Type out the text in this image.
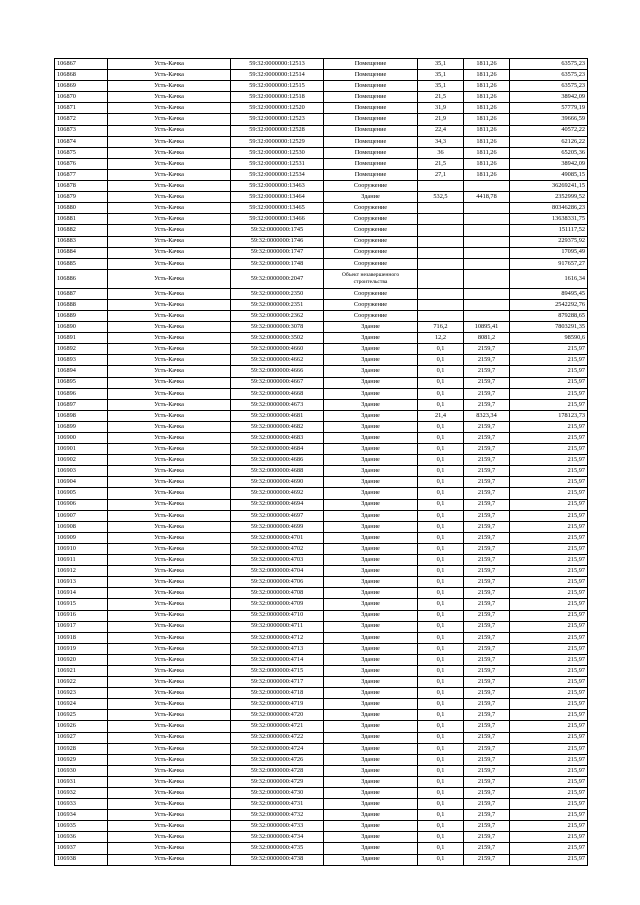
106867	Усть-Качка	59:32:0000000:12513	Помещение	35,1	1811,26	63575,23
106868	Усть-Качка	59:32:0000000:12514	Помещение	35,1	1811,26	63575,23
106869	Усть-Качка	59:32:0000000:12515	Помещение	35,1	1811,26	63575,23
106870	Усть-Качка	59:32:0000000:12518	Помещение	21,5	1811,26	38942,09
106871	Усть-Качка	59:32:0000000:12520	Помещение	31,9	1811,26	57779,19
106872	Усть-Качка	59:32:0000000:12523	Помещение	21,9	1811,26	39666,59
106873	Усть-Качка	59:32:0000000:12528	Помещение	22,4	1811,26	40572,22
106874	Усть-Качка	59:32:0000000:12529	Помещение	34,3	1811,26	62126,22
106875	Усть-Качка	59:32:0000000:12530	Помещение	36	1811,26	65205,36
106876	Усть-Качка	59:32:0000000:12531	Помещение	21,5	1811,26	38942,09
106877	Усть-Качка	59:32:0000000:12534	Помещение	27,1	1811,26	49085,15
106878	Усть-Качка	59:32:0000000:13463	Сооружение			36269241,15
106879	Усть-Качка	59:32:0000000:13464	Здание	532,5	4418,78	2352999,52
106880	Усть-Качка	59:32:0000000:13465	Сооружение			80346286,23
106881	Усть-Качка	59:32:0000000:13466	Сооружение			13638331,75
106882	Усть-Качка	59:32:0000000:1745	Сооружение			151117,52
106883	Усть-Качка	59:32:0000000:1746	Сооружение			229375,92
106884	Усть-Качка	59:32:0000000:1747	Сооружение			17095,49
106885	Усть-Качка	59:32:0000000:1748	Сооружение			917657,27
106886	Усть-Качка	59:32:0000000:2047	Объект незавершенного строительства			1616,34
106887	Усть-Качка	59:32:0000000:2350	Сооружение			89495,45
106888	Усть-Качка	59:32:0000000:2351	Сооружение			2542292,76
106889	Усть-Качка	59:32:0000000:2362	Сооружение			879288,65
106890	Усть-Качка	59:32:0000000:3078	Здание	716,2	10895,41	7803291,35
106891	Усть-Качка	59:32:0000000:3502	Здание	12,2	8081,2	98590,6
106892	Усть-Качка	59:32:0000000:4660	Здание	0,1	2159,7	215,97
106893	Усть-Качка	59:32:0000000:4662	Здание	0,1	2159,7	215,97
106894	Усть-Качка	59:32:0000000:4666	Здание	0,1	2159,7	215,97
106895	Усть-Качка	59:32:0000000:4667	Здание	0,1	2159,7	215,97
106896	Усть-Качка	59:32:0000000:4668	Здание	0,1	2159,7	215,97
106897	Усть-Качка	59:32:0000000:4673	Здание	0,1	2159,7	215,97
106898	Усть-Качка	59:32:0000000:4681	Здание	21,4	8323,34	178123,73
106899	Усть-Качка	59:32:0000000:4682	Здание	0,1	2159,7	215,97
106900	Усть-Качка	59:32:0000000:4683	Здание	0,1	2159,7	215,97
106901	Усть-Качка	59:32:0000000:4684	Здание	0,1	2159,7	215,97
106902	Усть-Качка	59:32:0000000:4686	Здание	0,1	2159,7	215,97
106903	Усть-Качка	59:32:0000000:4688	Здание	0,1	2159,7	215,97
106904	Усть-Качка	59:32:0000000:4690	Здание	0,1	2159,7	215,97
106905	Усть-Качка	59:32:0000000:4692	Здание	0,1	2159,7	215,97
106906	Усть-Качка	59:32:0000000:4694	Здание	0,1	2159,7	215,97
106907	Усть-Качка	59:32:0000000:4697	Здание	0,1	2159,7	215,97
106908	Усть-Качка	59:32:0000000:4699	Здание	0,1	2159,7	215,97
106909	Усть-Качка	59:32:0000000:4701	Здание	0,1	2159,7	215,97
106910	Усть-Качка	59:32:0000000:4702	Здание	0,1	2159,7	215,97
106911	Усть-Качка	59:32:0000000:4703	Здание	0,1	2159,7	215,97
106912	Усть-Качка	59:32:0000000:4704	Здание	0,1	2159,7	215,97
106913	Усть-Качка	59:32:0000000:4706	Здание	0,1	2159,7	215,97
106914	Усть-Качка	59:32:0000000:4708	Здание	0,1	2159,7	215,97
106915	Усть-Качка	59:32:0000000:4709	Здание	0,1	2159,7	215,97
106916	Усть-Качка	59:32:0000000:4710	Здание	0,1	2159,7	215,97
106917	Усть-Качка	59:32:0000000:4711	Здание	0,1	2159,7	215,97
106918	Усть-Качка	59:32:0000000:4712	Здание	0,1	2159,7	215,97
106919	Усть-Качка	59:32:0000000:4713	Здание	0,1	2159,7	215,97
106920	Усть-Качка	59:32:0000000:4714	Здание	0,1	2159,7	215,97
106921	Усть-Качка	59:32:0000000:4715	Здание	0,1	2159,7	215,97
106922	Усть-Качка	59:32:0000000:4717	Здание	0,1	2159,7	215,97
106923	Усть-Качка	59:32:0000000:4718	Здание	0,1	2159,7	215,97
106924	Усть-Качка	59:32:0000000:4719	Здание	0,1	2159,7	215,97
106925	Усть-Качка	59:32:0000000:4720	Здание	0,1	2159,7	215,97
106926	Усть-Качка	59:32:0000000:4721	Здание	0,1	2159,7	215,97
106927	Усть-Качка	59:32:0000000:4722	Здание	0,1	2159,7	215,97
106928	Усть-Качка	59:32:0000000:4724	Здание	0,1	2159,7	215,97
106929	Усть-Качка	59:32:0000000:4726	Здание	0,1	2159,7	215,97
106930	Усть-Качка	59:32:0000000:4728	Здание	0,1	2159,7	215,97
106931	Усть-Качка	59:32:0000000:4729	Здание	0,1	2159,7	215,97
106932	Усть-Качка	59:32:0000000:4730	Здание	0,1	2159,7	215,97
106933	Усть-Качка	59:32:0000000:4731	Здание	0,1	2159,7	215,97
106934	Усть-Качка	59:32:0000000:4732	Здание	0,1	2159,7	215,97
106935	Усть-Качка	59:32:0000000:4733	Здание	0,1	2159,7	215,97
106936	Усть-Качка	59:32:0000000:4734	Здание	0,1	2159,7	215,97
106937	Усть-Качка	59:32:0000000:4735	Здание	0,1	2159,7	215,97
106938	Усть-Качка	59:32:0000000:4738	Здание	0,1	2159,7	215,97
